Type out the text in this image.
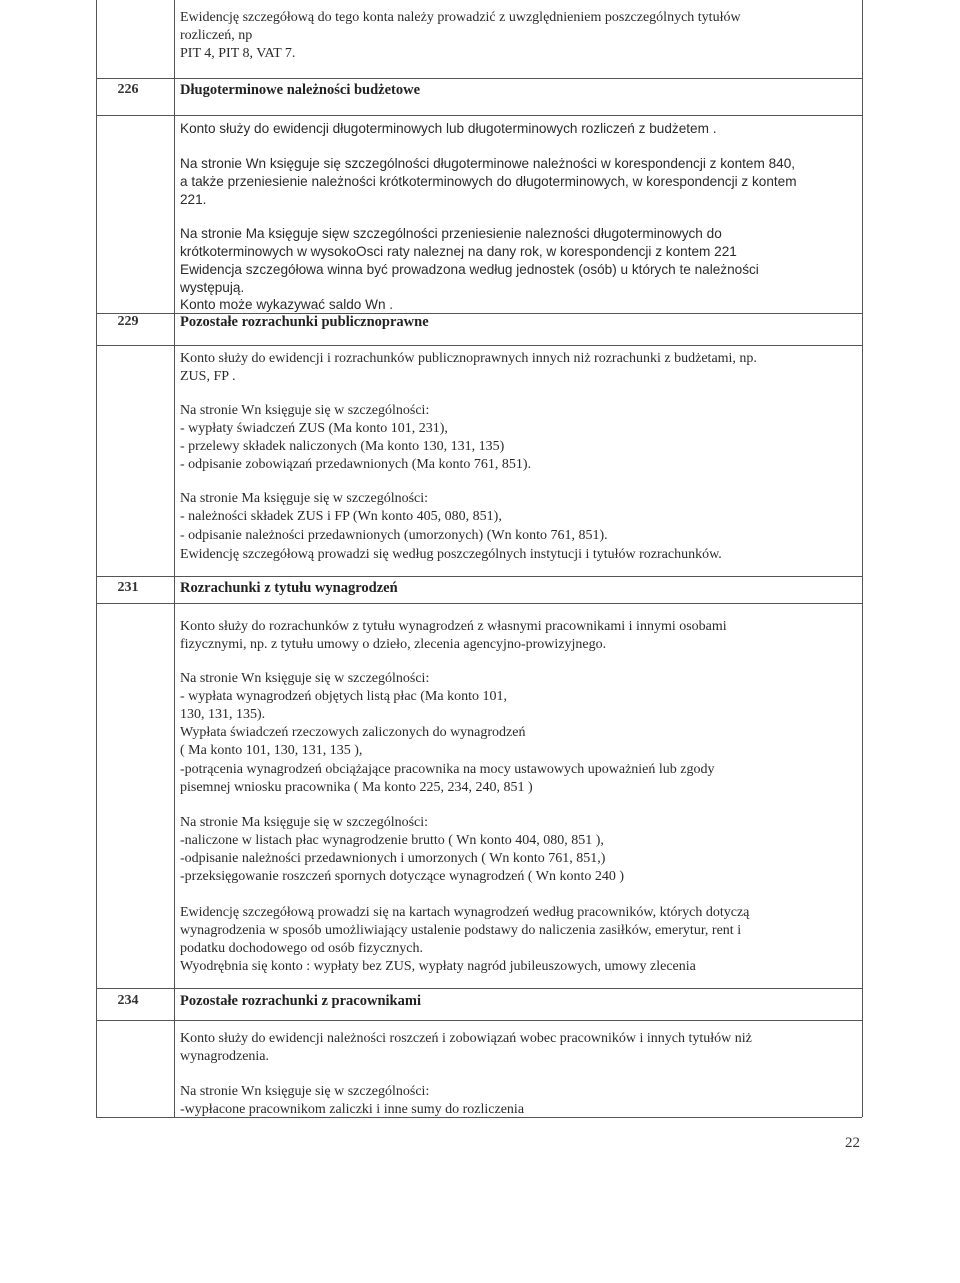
Ewidencję szczegółową do tego konta należy prowadzić z uwzględnieniem poszczególnych tytułów
rozliczeń, np
PIT 4, PIT 8, VAT 7.
226	Długoterminowe należności budżetowe
Konto służy do ewidencji długoterminowych lub długoterminowych rozliczeń z budżetem .
Na stronie Wn księguje się szczególności długoterminowe należności w korespondencji z kontem 840,
a także przeniesienie należności krótkoterminowych do długoterminowych, w korespondencji z kontem
221.
Na stronie Ma księguje sięw szczególności przeniesienie naleznoścі długoterminowych do
krótkoterminowych w wysokoOsci raty naleznej na dany rok, w korespondencji z kontem 221
Ewidencja szczegółowa winna być prowadzona według jednostek (osób) u których te należności
występują.
Konto może wykazywać saldo Wn .
229	Pozostałe rozrachunki publicznoprawne
Konto służy do ewidencji i rozrachunków publicznoprawnych innych niż rozrachunki z budżetami, np.
ZUS, FP .
Na stronie Wn księguje się w szczególności:
- wypłaty świadczeń ZUS (Ma konto 101, 231),
- przelewy składek naliczonych (Ma konto 130, 131, 135)
- odpisanie zobowiązań przedawnionych (Ma konto 761, 851).
Na stronie Ma księguje się w szczególności:
- należności składek ZUS i FP (Wn konto 405, 080, 851),
- odpisanie należności przedawnionych (umorzonych) (Wn konto 761, 851).
Ewidencję szczegółową prowadzi się według poszczególnych instytucji i tytułów rozrachunków.
231	Rozrachunki z tytułu wynagrodzeń
Konto służy do rozrachunków z tytułu wynagrodzeń z własnymi pracownikami i innymi osobami
fizycznymi, np. z tytułu umowy o dzieło, zlecenia agencyjno-prowizyjnego.
Na stronie Wn księguje się w szczególności:
- wypłata wynagrodzeń objętych listą płac (Ma konto 101,
130, 131, 135).
Wypłata świadczeń rzeczowych zaliczonych do wynagrodzeń
( Ma konto 101, 130, 131, 135 ),
-potrącenia wynagrodzeń obciążające pracownika na mocy ustawowych upoważnień lub zgody
pisemnej wniosku pracownika ( Ma konto 225, 234, 240, 851 )
Na stronie Ma księguje się w szczególności:
-naliczone w listach płac wynagrodzenie brutto ( Wn konto 404, 080, 851 ),
-odpisanie należności przedawnionych i umorzonych ( Wn konto 761, 851,)
-przeksięgowanie roszczeń spornych dotyczące wynagrodzeń ( Wn konto 240 )
Ewidencję szczegółową prowadzi się na kartach wynagrodzeń według pracowników, których dotyczą
wynagrodzenia w sposób umożliwiający ustalenie podstawy do naliczenia zasiłków, emerytur, rent i
podatku dochodowego od osób fizycznych.
Wyodrębnia się konto : wypłaty bez ZUS, wypłaty nagród jubileuszowych, umowy zlecenia
234	Pozostałe rozrachunki z pracownikami
Konto służy do ewidencji należności roszczeń i zobowiązań wobec pracowników i innych tytułów niż
wynagrodzenia.
Na stronie Wn księguje się w szczególności:
-wypłacone pracownikom zaliczki i inne sumy do rozliczenia
22
